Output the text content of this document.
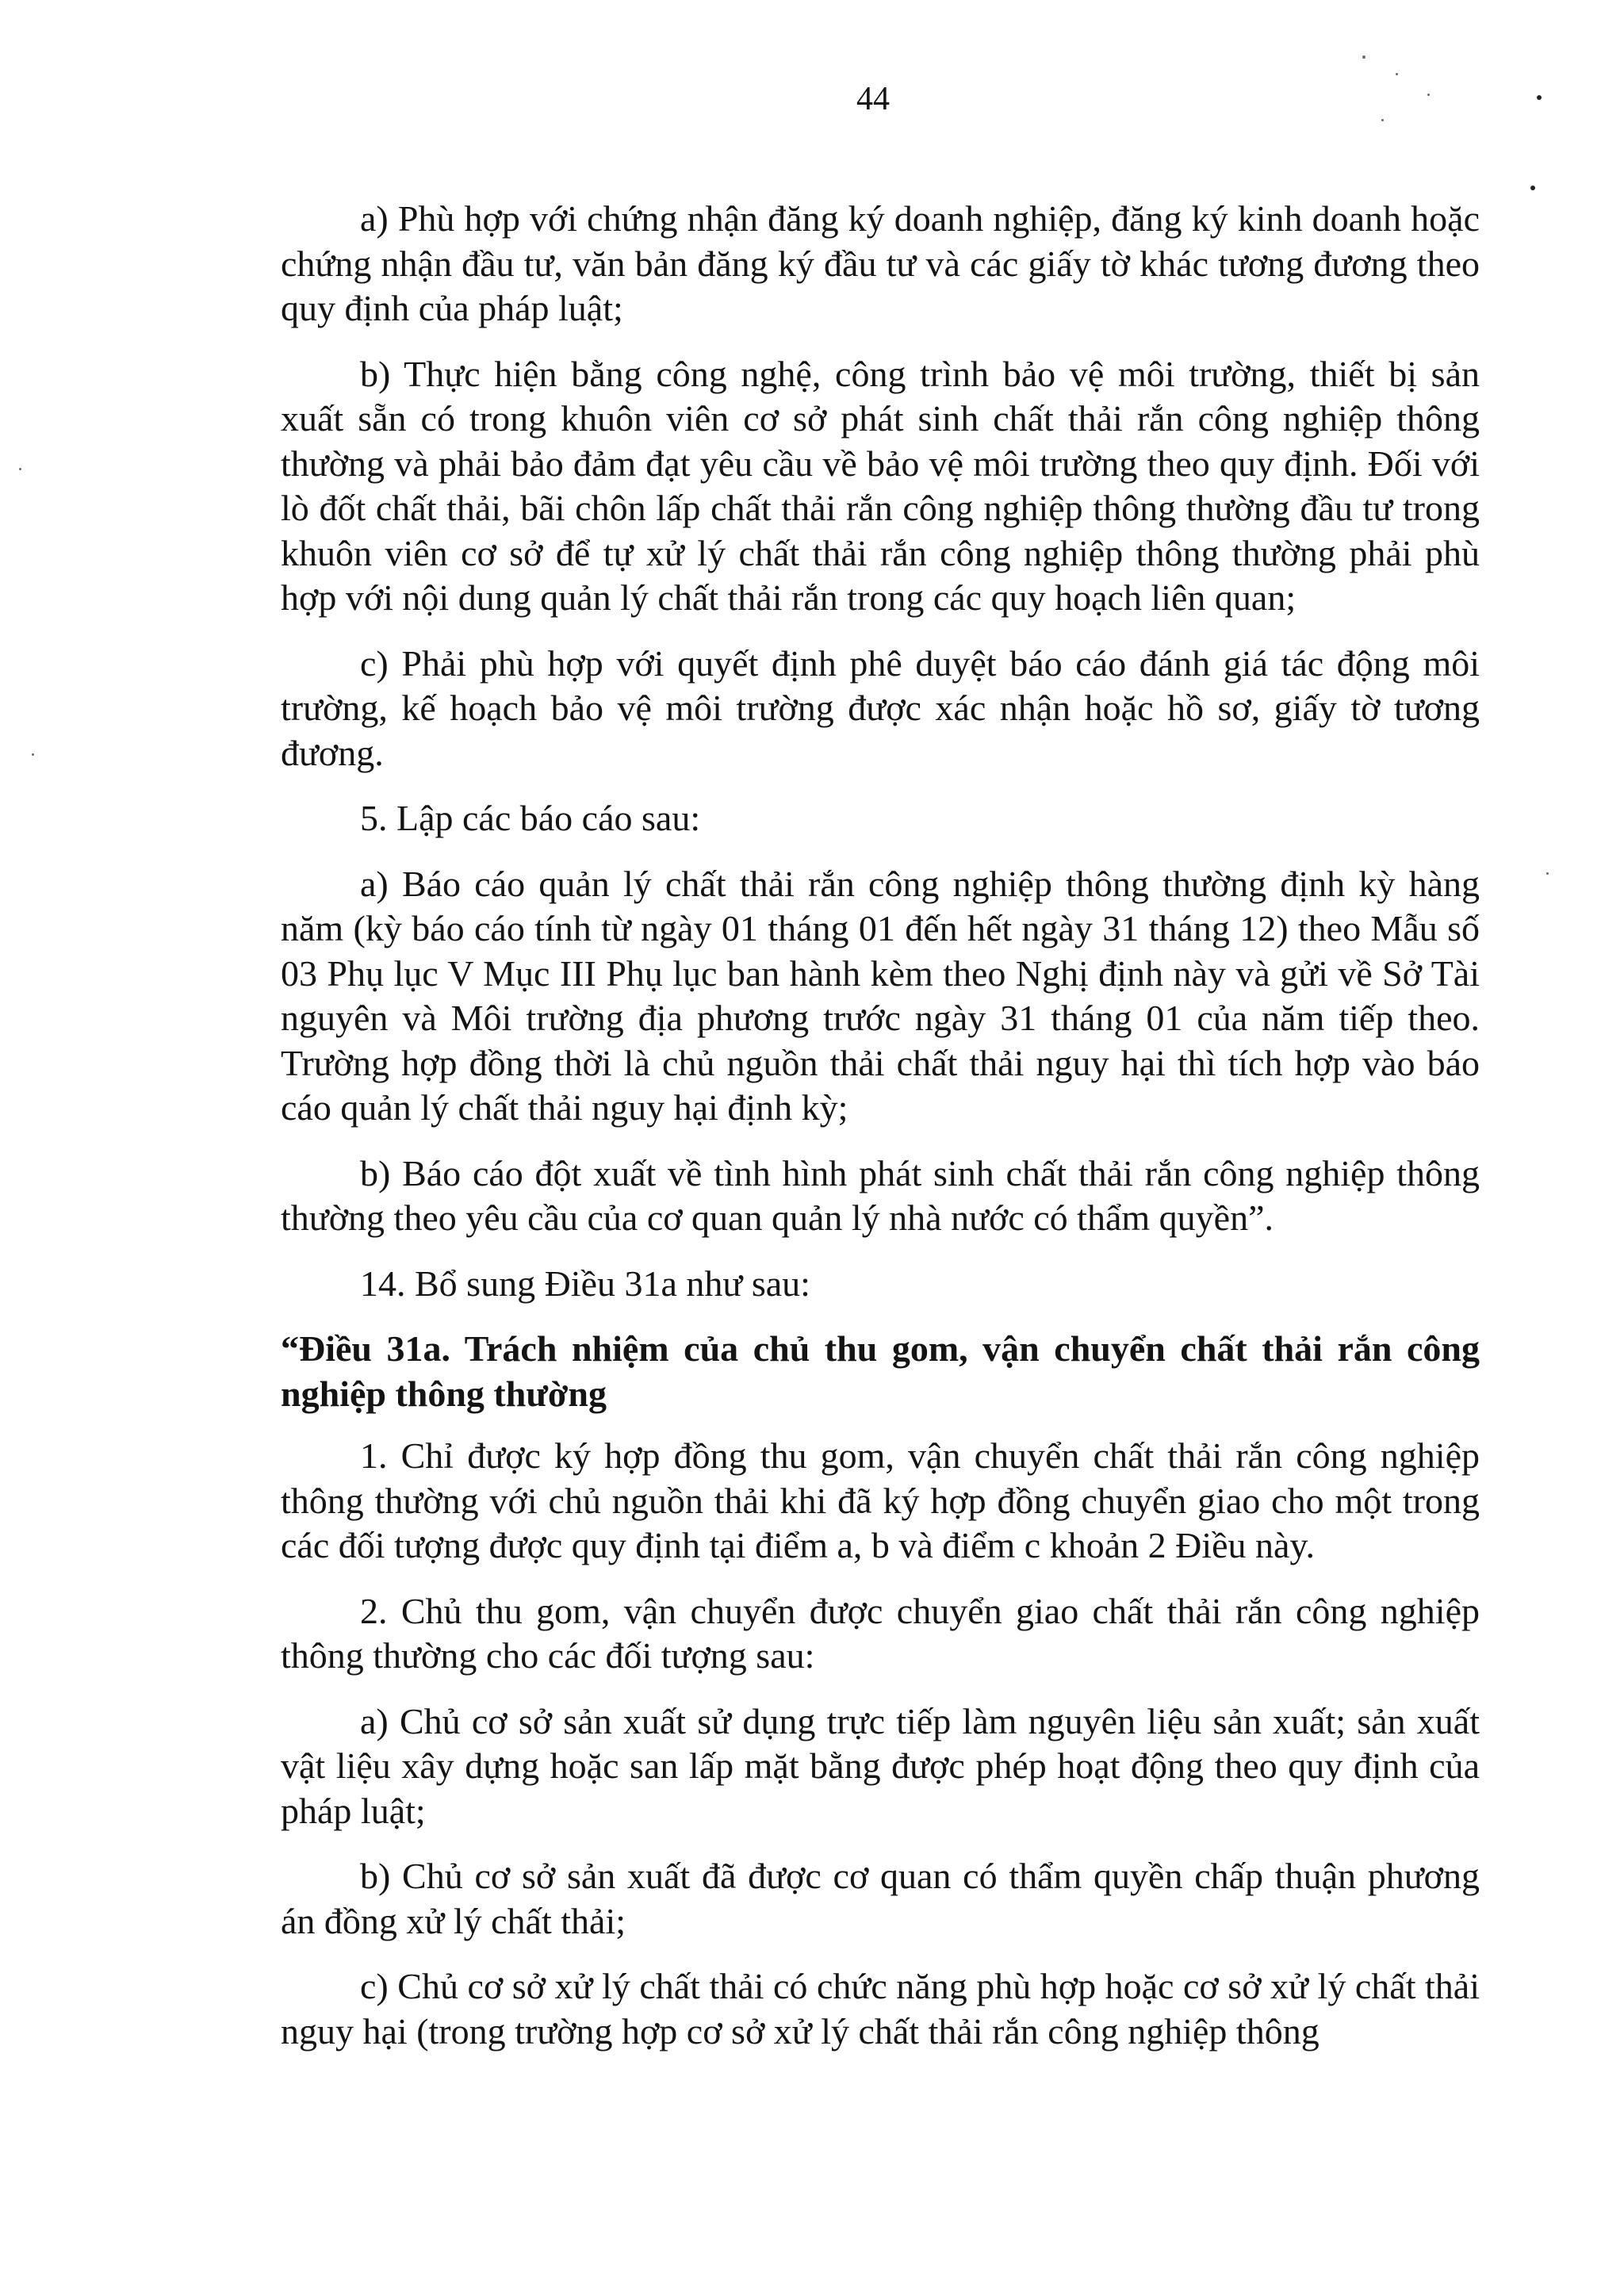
44

a) Phù hợp với chứng nhận đăng ký doanh nghiệp, đăng ký kinh doanh hoặc chứng nhận đầu tư, văn bản đăng ký đầu tư và các giấy tờ khác tương đương theo quy định của pháp luật;

b) Thực hiện bằng công nghệ, công trình bảo vệ môi trường, thiết bị sản xuất sẵn có trong khuôn viên cơ sở phát sinh chất thải rắn công nghiệp thông thường và phải bảo đảm đạt yêu cầu về bảo vệ môi trường theo quy định. Đối với lò đốt chất thải, bãi chôn lấp chất thải rắn công nghiệp thông thường đầu tư trong khuôn viên cơ sở để tự xử lý chất thải rắn công nghiệp thông thường phải phù hợp với nội dung quản lý chất thải rắn trong các quy hoạch liên quan;

c) Phải phù hợp với quyết định phê duyệt báo cáo đánh giá tác động môi trường, kế hoạch bảo vệ môi trường được xác nhận hoặc hồ sơ, giấy tờ tương đương.

5. Lập các báo cáo sau:

a) Báo cáo quản lý chất thải rắn công nghiệp thông thường định kỳ hàng năm (kỳ báo cáo tính từ ngày 01 tháng 01 đến hết ngày 31 tháng 12) theo Mẫu số 03 Phụ lục V Mục III Phụ lục ban hành kèm theo Nghị định này và gửi về Sở Tài nguyên và Môi trường địa phương trước ngày 31 tháng 01 của năm tiếp theo. Trường hợp đồng thời là chủ nguồn thải chất thải nguy hại thì tích hợp vào báo cáo quản lý chất thải nguy hại định kỳ;

b) Báo cáo đột xuất về tình hình phát sinh chất thải rắn công nghiệp thông thường theo yêu cầu của cơ quan quản lý nhà nước có thẩm quyền”.

14. Bổ sung Điều 31a như sau:

“Điều 31a. Trách nhiệm của chủ thu gom, vận chuyển chất thải rắn công nghiệp thông thường

1. Chỉ được ký hợp đồng thu gom, vận chuyển chất thải rắn công nghiệp thông thường với chủ nguồn thải khi đã ký hợp đồng chuyển giao cho một trong các đối tượng được quy định tại điểm a, b và điểm c khoản 2 Điều này.

2. Chủ thu gom, vận chuyển được chuyển giao chất thải rắn công nghiệp thông thường cho các đối tượng sau:

a) Chủ cơ sở sản xuất sử dụng trực tiếp làm nguyên liệu sản xuất; sản xuất vật liệu xây dựng hoặc san lấp mặt bằng được phép hoạt động theo quy định của pháp luật;

b) Chủ cơ sở sản xuất đã được cơ quan có thẩm quyền chấp thuận phương án đồng xử lý chất thải;

c) Chủ cơ sở xử lý chất thải có chức năng phù hợp hoặc cơ sở xử lý chất thải nguy hại (trong trường hợp cơ sở xử lý chất thải rắn công nghiệp thông
